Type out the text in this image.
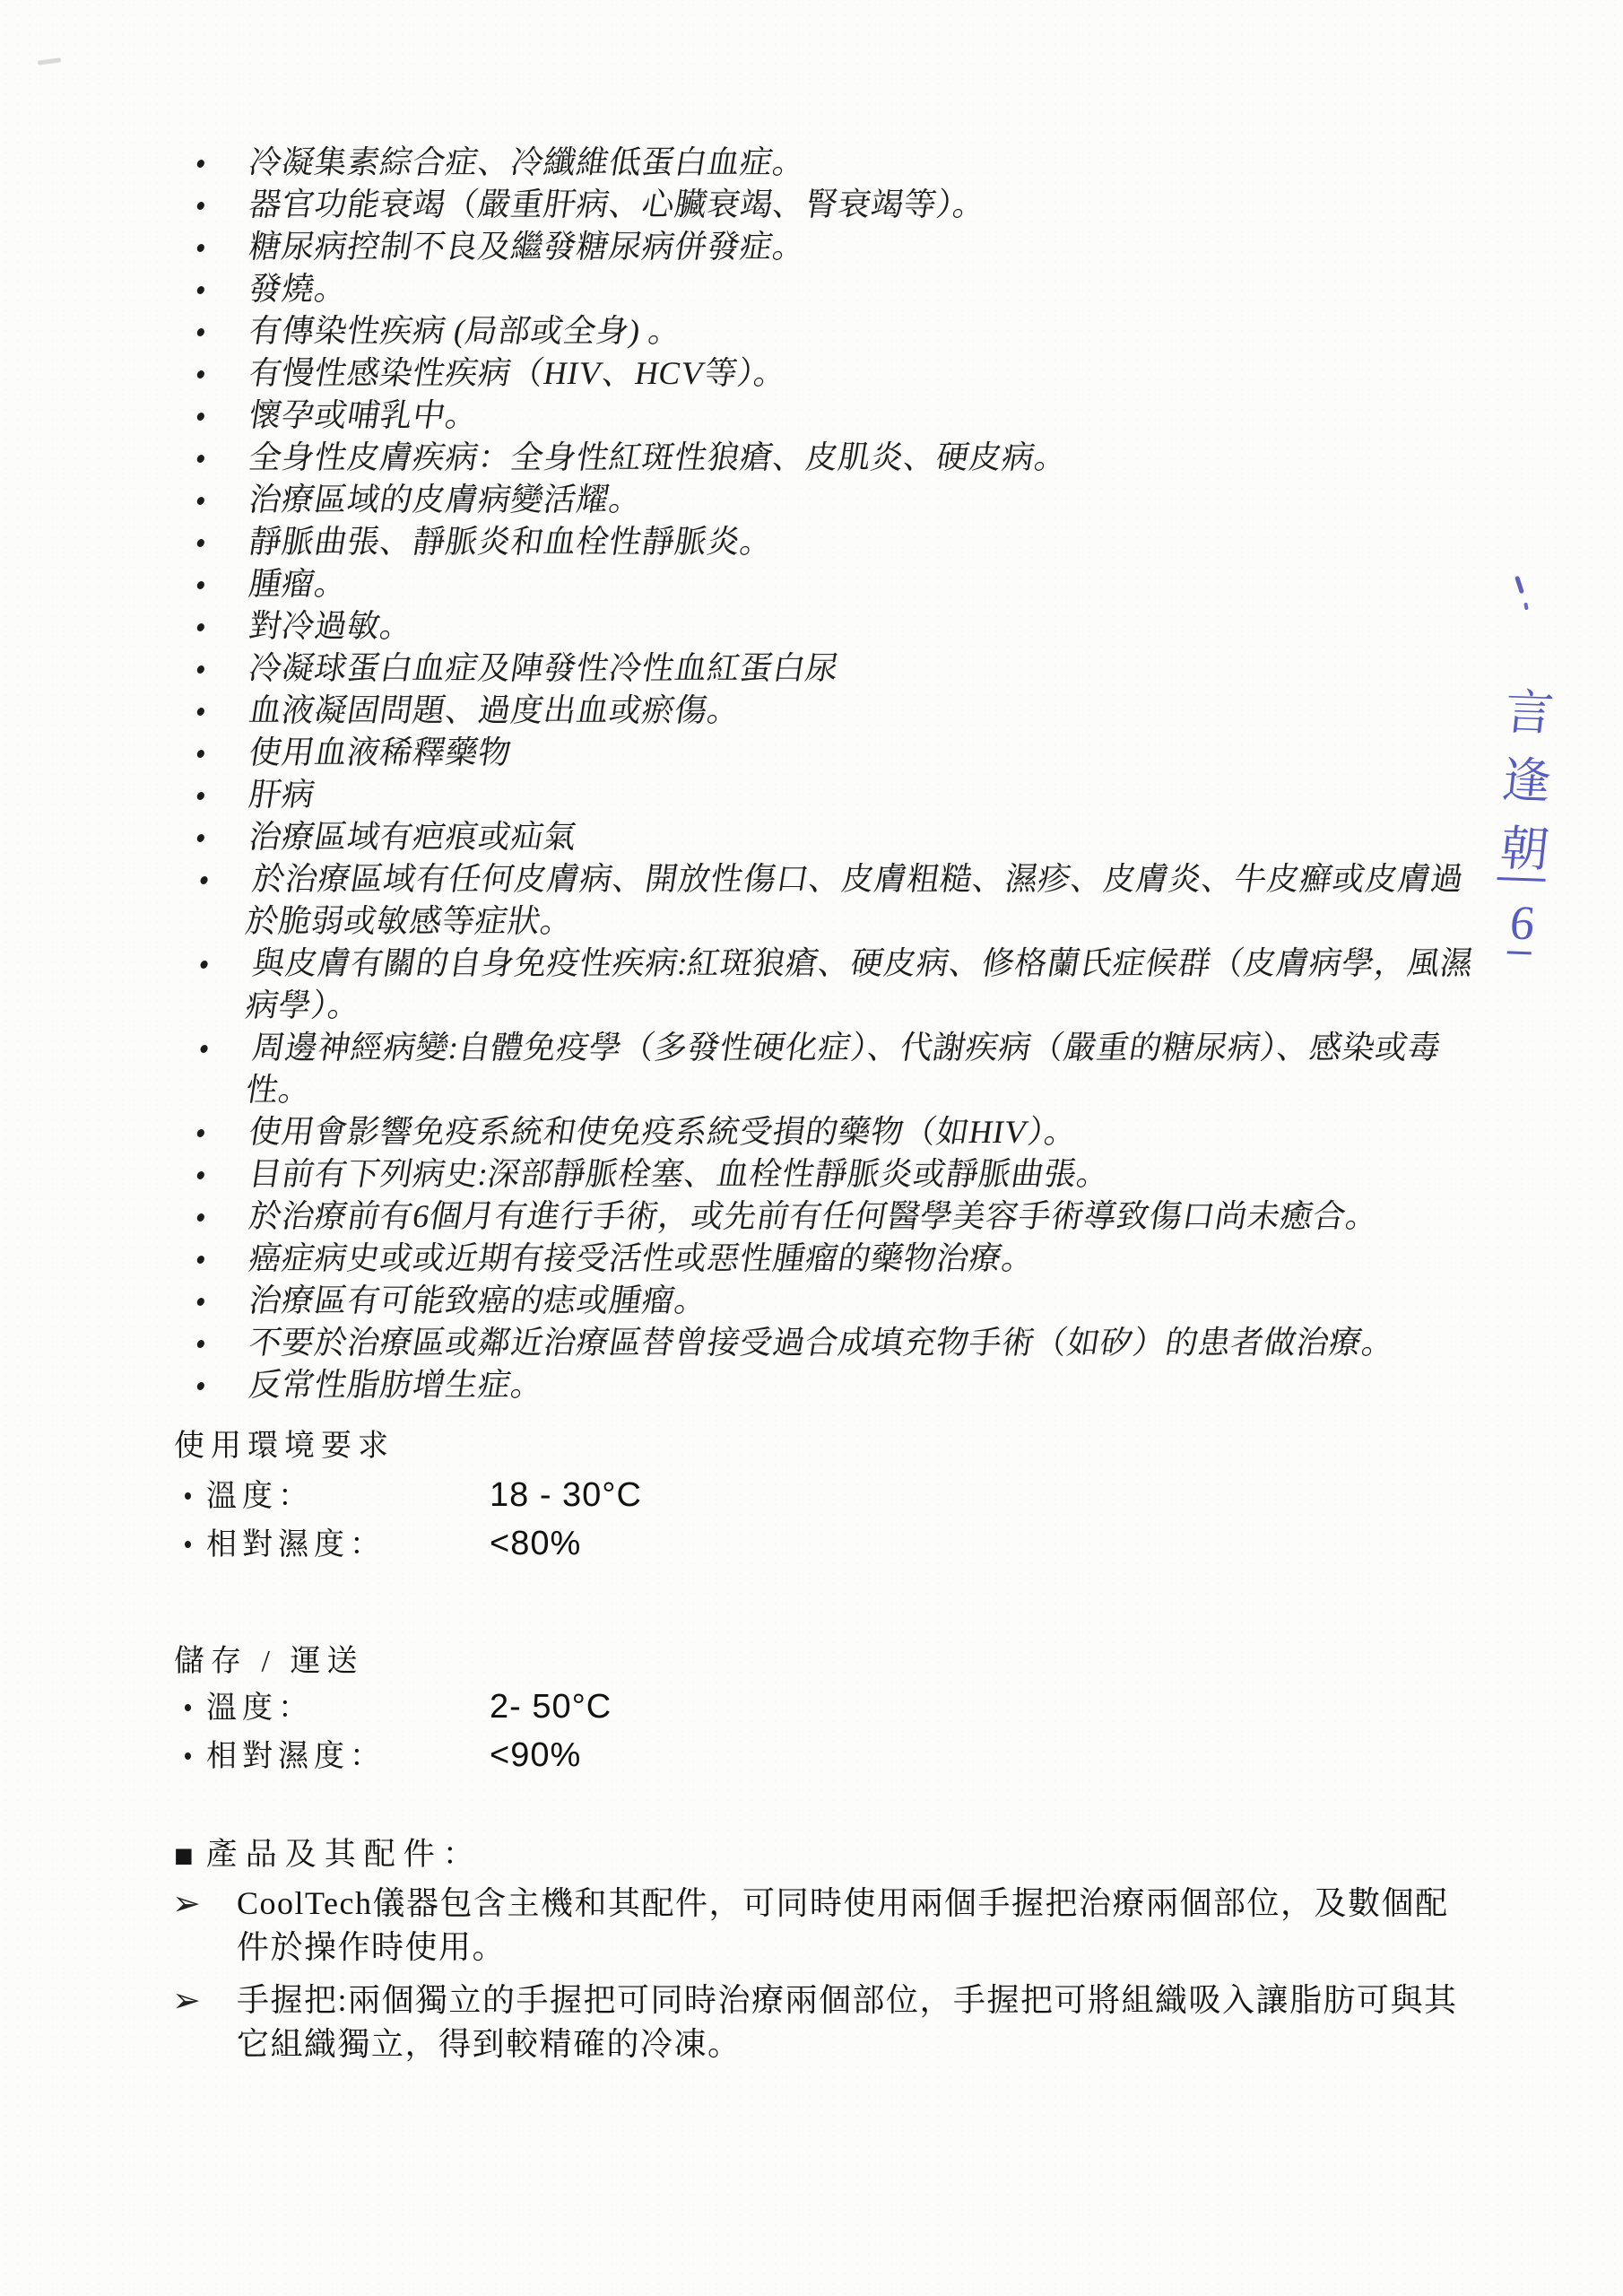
冷凝集素綜合症、冷纖維低蛋白血症。
器官功能衰竭（嚴重肝病、心臟衰竭、腎衰竭等）。
糖尿病控制不良及繼發糖尿病併發症。
發燒。
有傳染性疾病 (局部或全身) 。
有慢性感染性疾病（HIV、HCV等）。
懷孕或哺乳中。
全身性皮膚疾病：全身性紅斑性狼瘡、皮肌炎、硬皮病。
治療區域的皮膚病變活耀。
靜脈曲張、靜脈炎和血栓性靜脈炎。
腫瘤。
對冷過敏。
冷凝球蛋白血症及陣發性冷性血紅蛋白尿
血液凝固問題、過度出血或瘀傷。
使用血液稀釋藥物
肝病
治療區域有疤痕或疝氣
於治療區域有任何皮膚病、開放性傷口、皮膚粗糙、濕疹、皮膚炎、牛皮癬或皮膚過於脆弱或敏感等症狀。
與皮膚有關的自身免疫性疾病:紅斑狼瘡、硬皮病、修格蘭氏症候群（皮膚病學，風濕病學）。
周邊神經病變:自體免疫學（多發性硬化症）、代謝疾病（嚴重的糖尿病）、感染或毒性。
使用會影響免疫系統和使免疫系統受損的藥物（如HIV）。
目前有下列病史:深部靜脈栓塞、血栓性靜脈炎或靜脈曲張。
於治療前有6個月有進行手術，或先前有任何醫學美容手術導致傷口尚未癒合。
癌症病史或或近期有接受活性或惡性腫瘤的藥物治療。
治療區有可能致癌的痣或腫瘤。
不要於治療區或鄰近治療區替曾接受過合成填充物手術（如矽）的患者做治療。
反常性脂肪增生症。
使用環境要求
溫度：	18 - 30°C
相對濕度：	<80%
儲存 / 運送
溫度：	2- 50°C
相對濕度：	<90%
■ 產品及其配件：
➢ CoolTech儀器包含主機和其配件，可同時使用兩個手握把治療兩個部位，及數個配件於操作時使用。
➢ 手握把:兩個獨立的手握把可同時治療兩個部位，手握把可將組織吸入讓脂肪可與其它組織獨立，得到較精確的冷凍。
言
逢
朝
6
